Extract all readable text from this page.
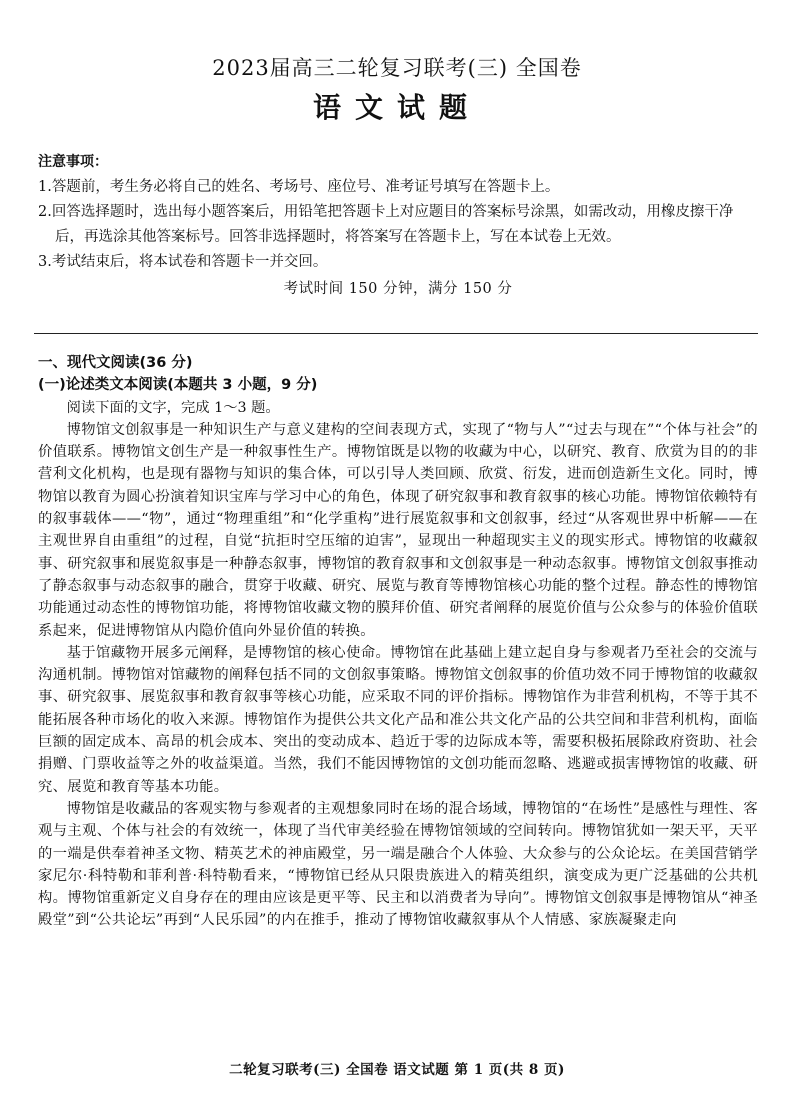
2023届高三二轮复习联考(三) 全国卷
语文试题
注意事项：
1.答题前，考生务必将自己的姓名、考场号、座位号、准考证号填写在答题卡上。
2.回答选择题时，选出每小题答案后，用铅笔把答题卡上对应题目的答案标号涂黑，如需改动，用橡皮擦干净后，再选涂其他答案标号。回答非选择题时，将答案写在答题卡上，写在本试卷上无效。
3.考试结束后，将本试卷和答题卡一并交回。
考试时间 150 分钟，满分 150 分
一、现代文阅读(36 分)
(一)论述类文本阅读(本题共 3 小题，9 分)
阅读下面的文字，完成 1～3 题。
博物馆文创叙事是一种知识生产与意义建构的空间表现方式，实现了“物与人”“过去与现在”“个体与社会”的价值联系。博物馆文创生产是一种叙事性生产。博物馆既是以物的收藏为中心，以研究、教育、欣赏为目的的非营利文化机构，也是现有器物与知识的集合体，可以引导人类回顾、欣赏、衍发，进而创造新生文化。同时，博物馆以教育为圆心扮演着知识宝库与学习中心的角色，体现了研究叙事和教育叙事的核心功能。博物馆依赖特有的叙事载体——“物”，通过“物理重组”和“化学重构”进行展览叙事和文创叙事，经过“从客观世界中析解——在主观世界自由重组”的过程，自觉“抗拒时空压缩的迫害”，显现出一种超现实主义的现实形式。博物馆的收藏叙事、研究叙事和展览叙事是一种静态叙事，博物馆的教育叙事和文创叙事是一种动态叙事。博物馆文创叙事推动了静态叙事与动态叙事的融合，贯穿于收藏、研究、展览与教育等博物馆核心功能的整个过程。静态性的博物馆功能通过动态性的博物馆功能，将博物馆收藏文物的膜拜价值、研究者阐释的展览价值与公众参与的体验价值联系起来，促进博物馆从内隐价值向外显价值的转换。
基于馆藏物开展多元阐释，是博物馆的核心使命。博物馆在此基础上建立起自身与参观者乃至社会的交流与沟通机制。博物馆对馆藏物的阐释包括不同的文创叙事策略。博物馆文创叙事的价值功效不同于博物馆的收藏叙事、研究叙事、展览叙事和教育叙事等核心功能，应采取不同的评价指标。博物馆作为非营利机构，不等于其不能拓展各种市场化的收入来源。博物馆作为提供公共文化产品和准公共文化产品的公共空间和非营利机构，面临巨额的固定成本、高昂的机会成本、突出的变动成本、趋近于零的边际成本等，需要积极拓展除政府资助、社会捐赠、门票收益等之外的收益渠道。当然，我们不能因博物馆的文创功能而忽略、逃避或损害博物馆的收藏、研究、展览和教育等基本功能。
博物馆是收藏品的客观实物与参观者的主观想象同时在场的混合场域，博物馆的“在场性”是感性与理性、客观与主观、个体与社会的有效统一，体现了当代审美经验在博物馆领域的空间转向。博物馆犹如一架天平，天平的一端是供奉着神圣文物、精英艺术的神庙殿堂，另一端是融合个人体验、大众参与的公众论坛。在美国营销学家尼尔·科特勒和菲利普·科特勒看来，“博物馆已经从只限贵族进入的精英组织，演变成为更广泛基础的公共机构。博物馆重新定义自身存在的理由应该是更平等、民主和以消费者为导向”。博物馆文创叙事是博物馆从“神圣殿堂”到“公共论坛”再到“人民乐园”的内在推手，推动了博物馆收藏叙事从个人情感、家族凝聚走向
二轮复习联考(三) 全国卷 语文试题 第 1 页(共 8 页)
